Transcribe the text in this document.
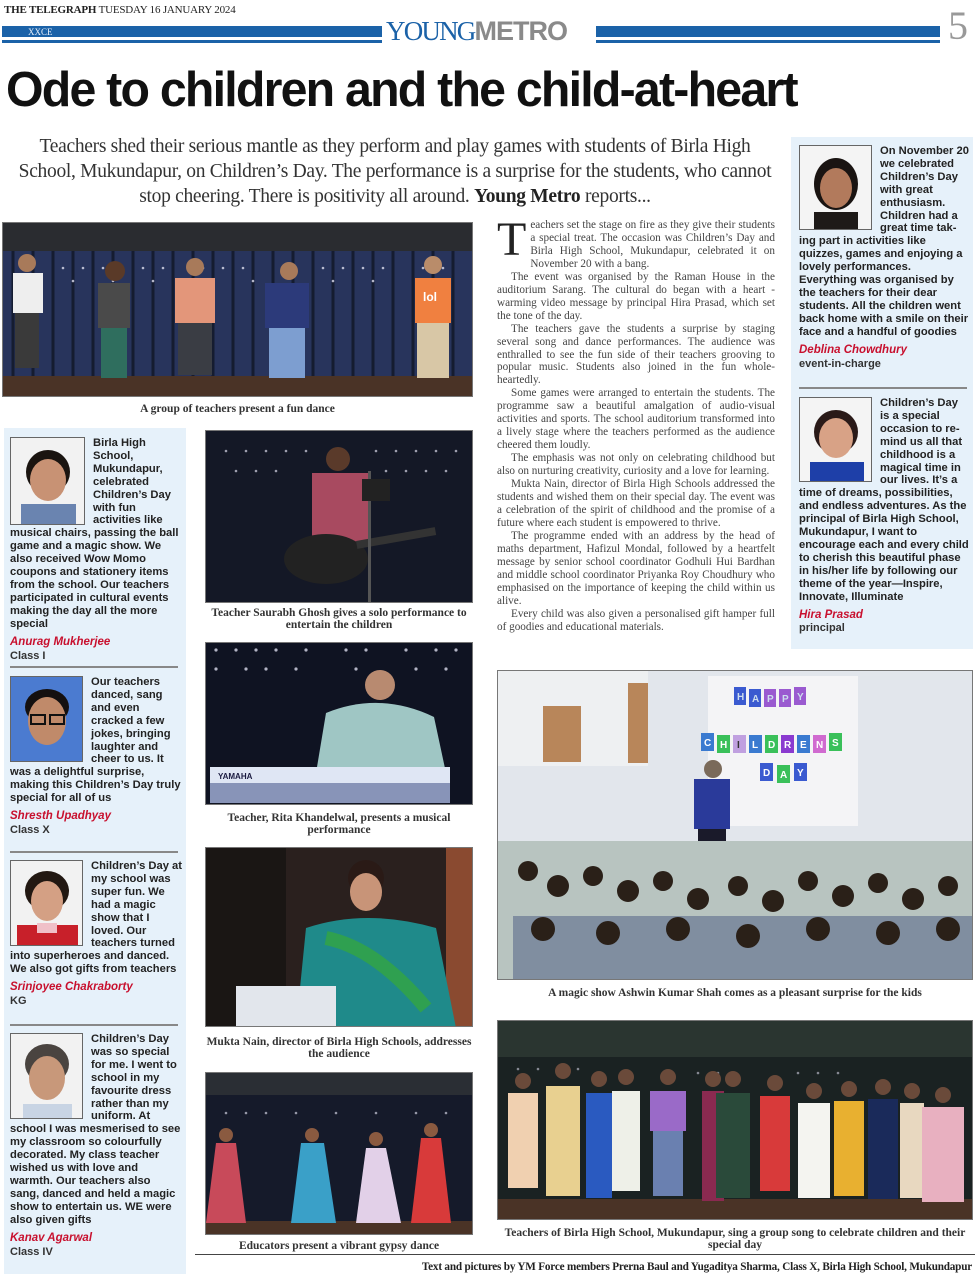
THE TELEGRAPH TUESDAY 16 JANUARY 2024
XXCE	YOUNGMETRO	5
Ode to children and the child-at-heart
Teachers shed their serious mantle as they perform and play games with students of Birla High School, Mukundapur, on Children’s Day. The performance is a surprise for the students, who cannot stop cheering. There is positivity all around. Young Metro reports...
lol
A group of teachers present a fun dance
T eachers set the stage on fire as they give their students a special treat. The occasion was Children’s Day and Birla High School, Mukundapur, celebrated it on November 20 with a bang.

The event was organised by the Raman House in the auditorium Sarang. The cultural do began with a heart -warming video message by principal Hira Prasad, which set the tone of the day.

The teachers gave the students a surprise by staging several song and dance performances. The audience was enthralled to see the fun side of their teachers grooving to popular music. Students also joined in the fun whole-heartedly.

Some games were arranged to entertain the students. The programme saw a beautiful amalgation of audio-visual activities and sports. The school auditorium transformed into a lively stage where the teachers performed as the audience cheered them loudly.

The emphasis was not only on celebrating childhood but also on nurturing creativity, curiosity and a love for learning.

Mukta Nain, director of Birla High Schools addressed the students and wished them on their special day. The event was a celebration of the spirit of childhood and the promise of a future where each student is empowered to thrive.

The programme ended with an address by the head of maths department, Hafizul Mondal, followed by a heartfelt message by senior school coordinator Godhuli Hui Bardhan and middle school coordinator Priyanka Roy Choudhury who emphasised on the importance of keeping the child within us alive.

Every child was also given a personalised gift hamper full of goodies and educational materials.

On November 20 we celebrated Children’s Day with great enthusiasm. Children had a great time taking part in activities like quizzes, games and enjoying a lovely performances. Everything was organised by the teachers for their dear students. All the children went back home with a smile on their face and a handful of goodies
Deblina Chowdhury
event-in-charge
Children’s Day is a special occasion to remind us all that childhood is a magical time in our lives. It’s a time of dreams, possibilities, and endless adventures. As the principal of Birla High School, Mukundapur, I want to encourage each and every child to cherish this beautiful phase in his/her life by following our theme of the year—Inspire, Innovate, Illuminate
Hira Prasad
principal
Birla High School, Mukundapur, celebrated Children’s Day with fun activities like musical chairs, passing the ball game and a magic show. We also received Wow Momo coupons and stationery items from the school. Our teachers participated in cultural events making the day all the more special
Anurag Mukherjee
Class I
Our teachers danced, sang and even cracked a few jokes, bringing laughter and cheer to us. It was a delightful surprise, making this Children’s Day truly special for all of us
Shresth Upadhyay
Class X
Children’s Day at my school was super fun. We had a magic show that I loved. Our teachers turned into superheroes and danced. We also got gifts from teachers
Srinjoyee Chakraborty
KG
Children’s Day was so special for me. I went to school in my favourite dress rather than my uniform. At school I was mesmerised to see my classroom so colourfully decorated. My class teacher wished us with love and warmth. Our teachers also sang, danced and held a magic show to entertain us. WE were also given gifts
Kanav Agarwal
Class IV
Teacher Saurabh Ghosh gives a solo performance to entertain the children
YAMAHA
Teacher, Rita Khandelwal, presents a musical performance
Mukta Nain, director of Birla High Schools, addresses the audience
Educators present a vibrant gypsy dance
H A P P Y
C H I L D R E N S
D A Y
A magic show Ashwin Kumar Shah comes as a pleasant surprise for the kids
Teachers of Birla High School, Mukundapur, sing a group song to celebrate children and their special day
Text and pictures by YM Force members Prerna Baul and Yugaditya Sharma, Class X, Birla High School, Mukundapur
